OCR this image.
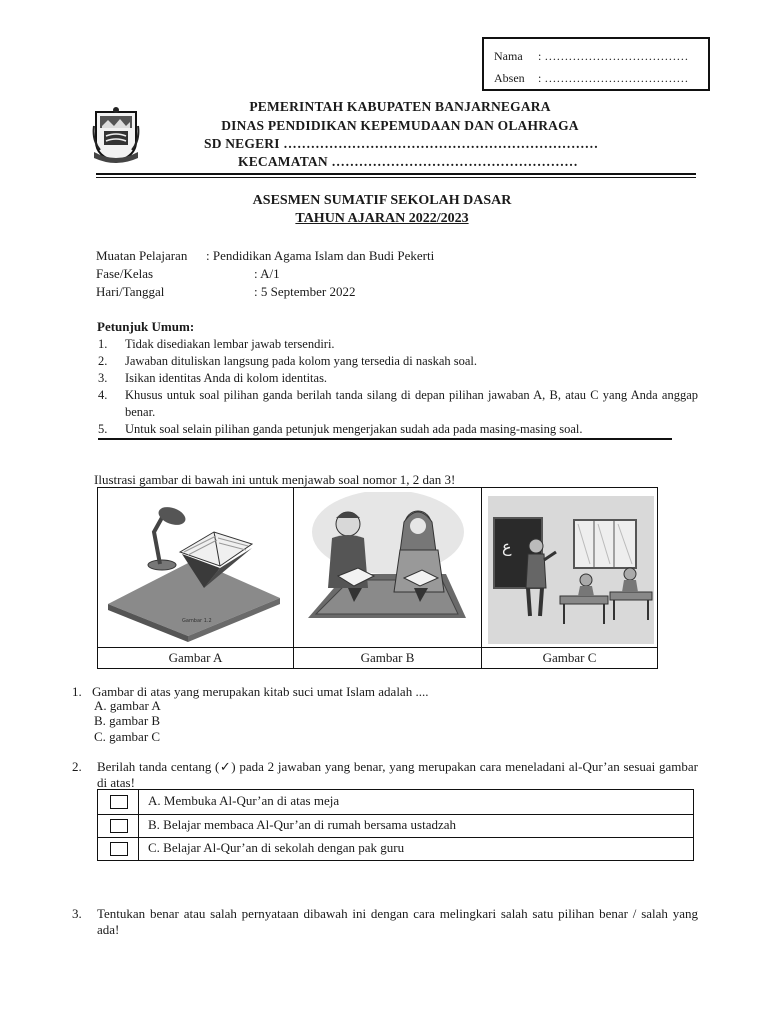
Nama : ………………………………
Absen : ………………………………
PEMERINTAH KABUPATEN BANJARNEGARA
DINAS PENDIDIKAN KEPEMUDAAN DAN OLAHRAGA
SD NEGERI ……………………………………………………………
KECAMATAN ………………………………………………
ASESMEN SUMATIF SEKOLAH DASAR
TAHUN AJARAN 2022/2023
Muatan Pelajaran : Pendidikan Agama Islam dan Budi Pekerti
Fase/Kelas	: A/1
Hari/Tanggal	: 5 September 2022
Petunjuk Umum:
1. Tidak disediakan lembar jawab tersendiri.
2. Jawaban dituliskan langsung pada kolom yang tersedia di naskah soal.
3. Isikan identitas Anda di kolom identitas.
4. Khusus untuk soal pilihan ganda berilah tanda silang di depan pilihan jawaban A, B, atau C yang Anda anggap benar.
5. Untuk soal selain pilihan ganda petunjuk mengerjakan sudah ada pada masing-masing soal.
Ilustrasi gambar di bawah ini untuk menjawab soal nomor 1, 2 dan 3!
Gambar 1.2
ع
Gambar A	Gambar B	Gambar C
1. Gambar di atas yang merupakan kitab suci umat Islam adalah ....
A. gambar A
B. gambar B
C. gambar C
2. Berilah tanda centang (✓) pada 2 jawaban yang benar, yang merupakan cara meneladani al-Qur’an sesuai gambar di atas!
A. Membuka Al-Qur’an di atas meja
B. Belajar membaca Al-Qur’an di rumah bersama ustadzah
C. Belajar Al-Qur’an di sekolah dengan pak guru
3. Tentukan benar atau salah pernyataan dibawah ini dengan cara melingkari salah satu pilihan benar / salah yang ada!
